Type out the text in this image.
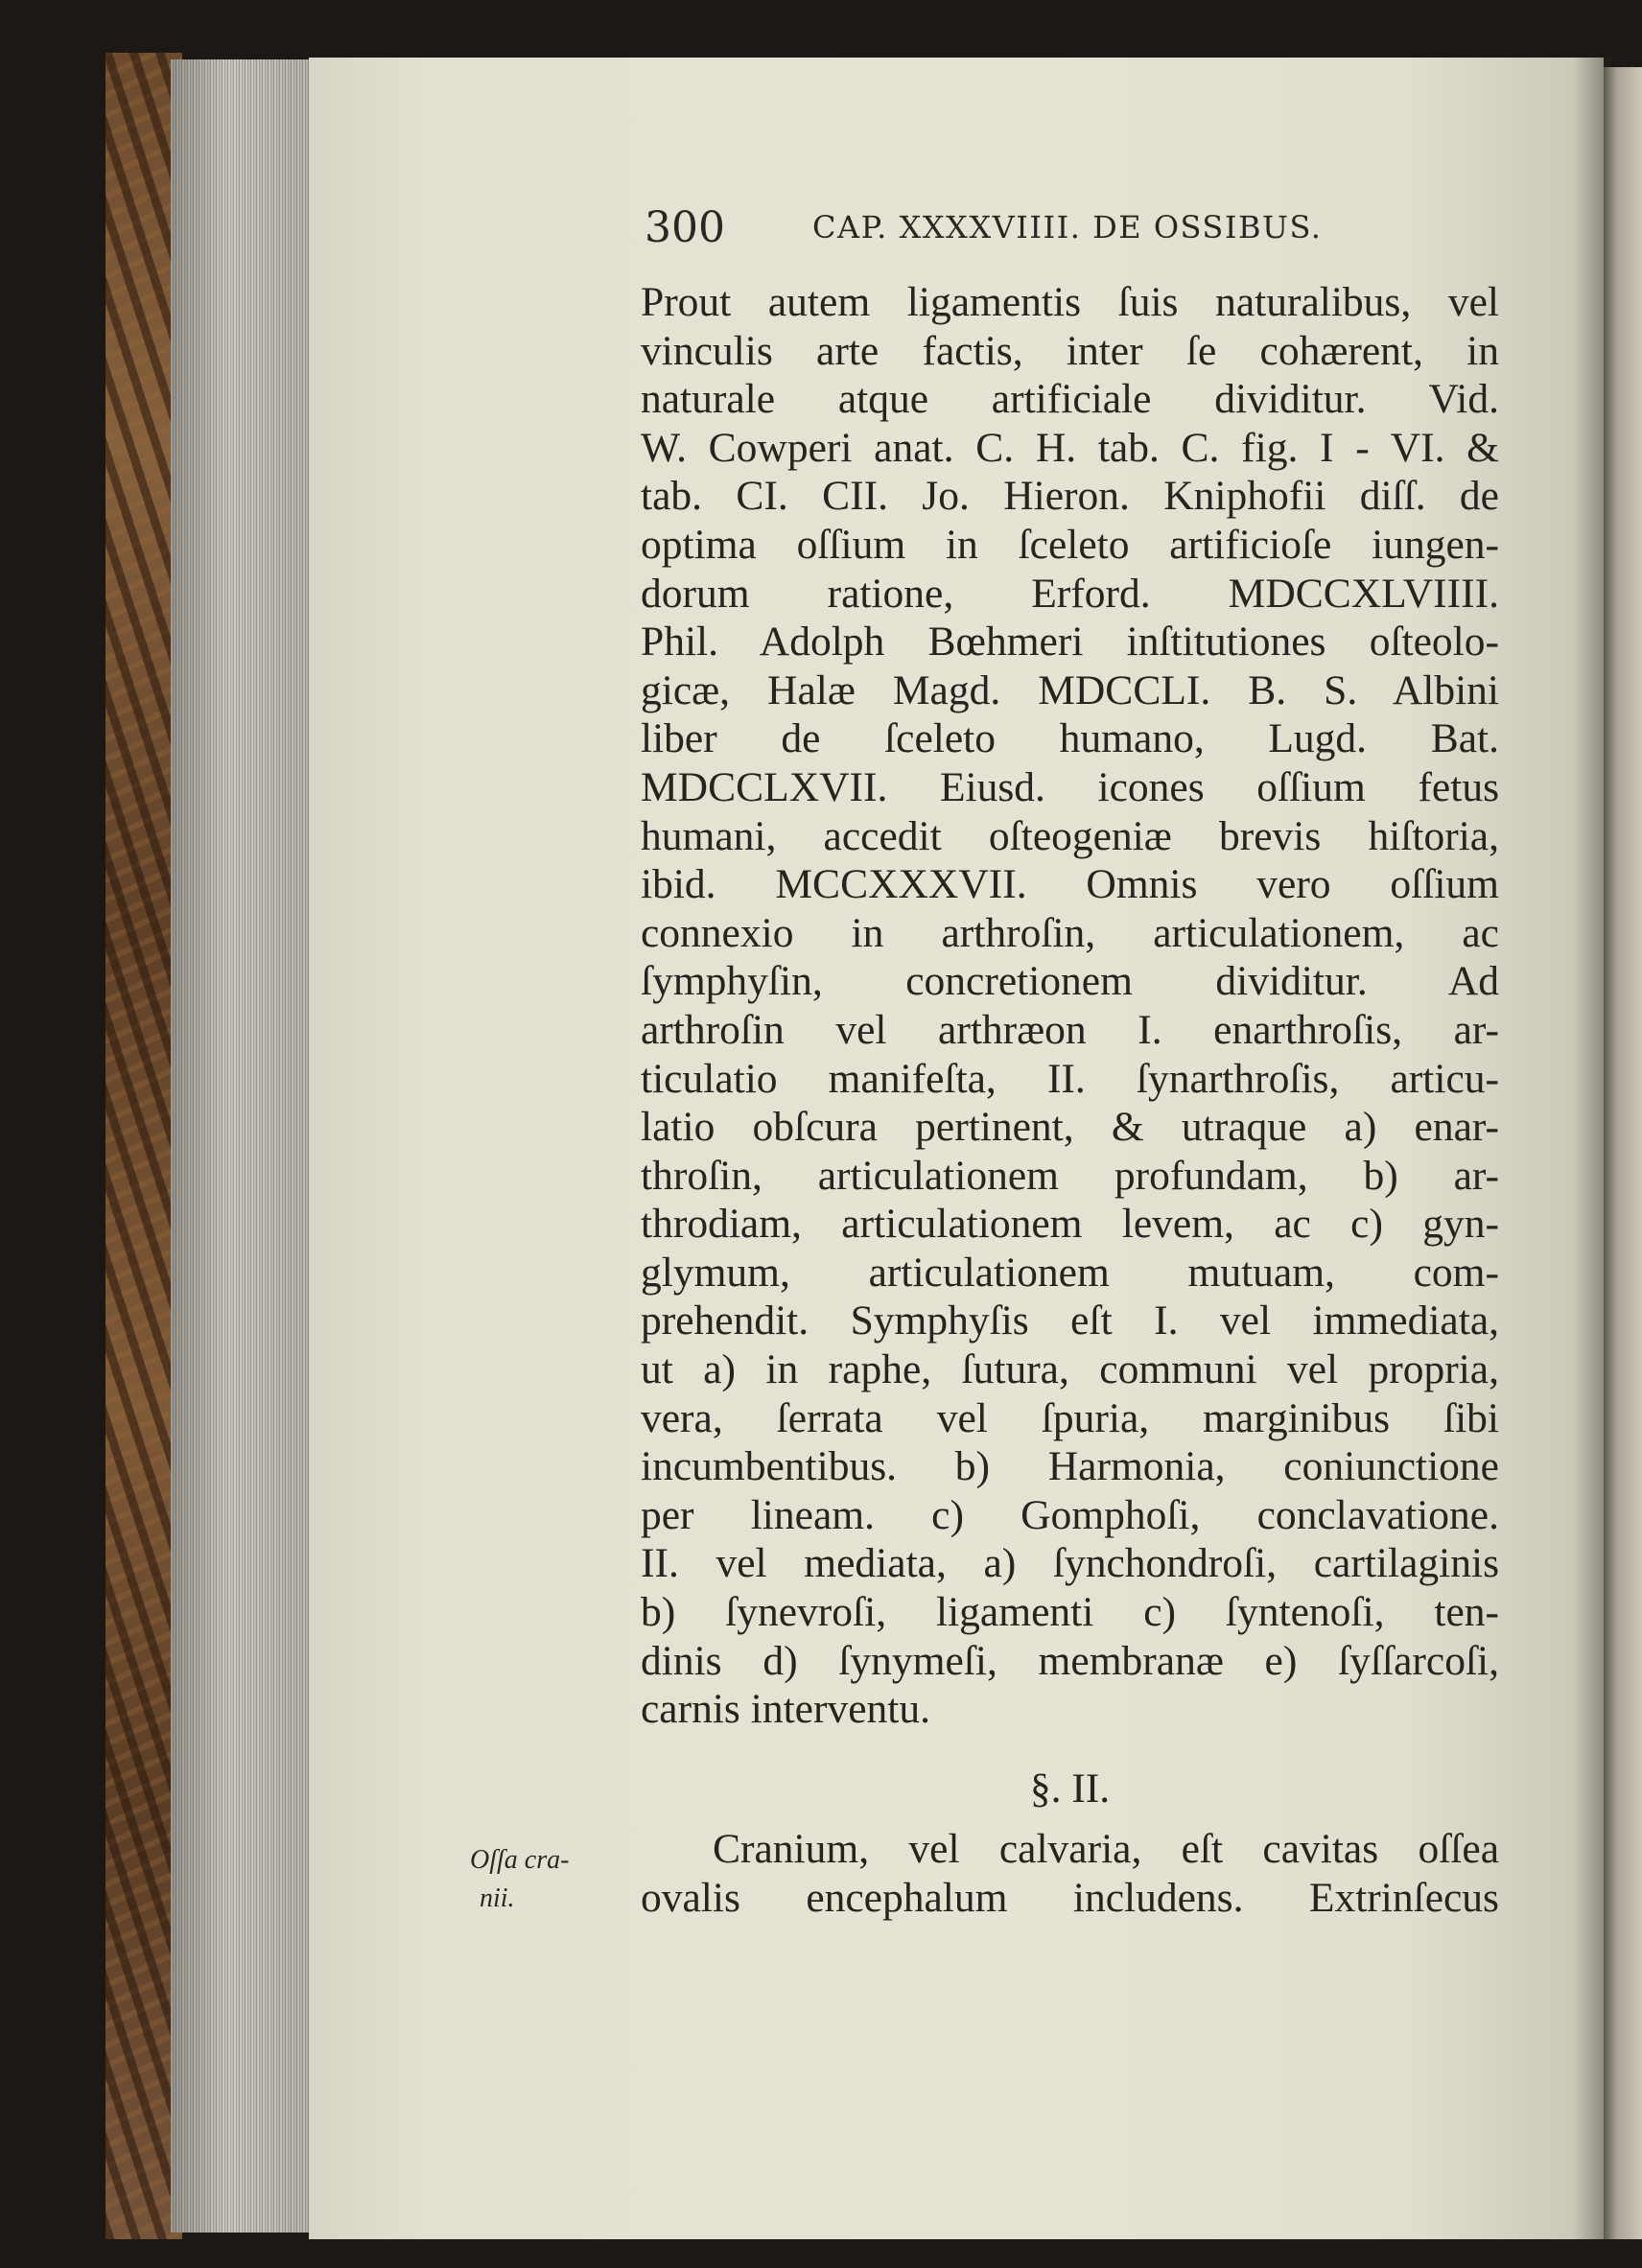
300	CAP. XXXXVIIII. DE OSSIBUS.
Prout autem ligamentis ſuis naturalibus, vel
vinculis arte factis, inter ſe cohærent, in
naturale atque artificiale dividitur. Vid.
W. Cowperi anat. C. H. tab. C. fig. I - VI. &
tab. CI. CII. Jo. Hieron. Kniphofii diſſ. de
optima oſſium in ſceleto artificioſe iungen-
dorum ratione, Erford. MDCCXLVIIII.
Phil. Adolph Bœhmeri inſtitutiones oſteolo-
gicæ, Halæ Magd. MDCCLI. B. S. Albini
liber de ſceleto humano, Lugd. Bat.
MDCCLXVII. Eiusd. icones oſſium fetus
humani, accedit oſteogeniæ brevis hiſtoria,
ibid. MCCXXXVII. Omnis vero oſſium
connexio in arthroſin, articulationem, ac
ſymphyſin, concretionem dividitur. Ad
arthroſin vel arthræon I. enarthroſis, ar-
ticulatio manifeſta, II. ſynarthroſis, articu-
latio obſcura pertinent, & utraque a) enar-
throſin, articulationem profundam, b) ar-
throdiam, articulationem levem, ac c) gyn-
glymum, articulationem mutuam, com-
prehendit. Symphyſis eſt I. vel immediata,
ut a) in raphe, ſutura, communi vel propria,
vera, ſerrata vel ſpuria, marginibus ſibi
incumbentibus. b) Harmonia, coniunctione
per lineam. c) Gomphoſi, conclavatione.
II. vel mediata, a) ſynchondroſi, cartilaginis
b) ſynevroſi, ligamenti c) ſyntenoſi, ten-
dinis d) ſynymeſi, membranæ e) ſyſſarcoſi,
carnis interventu.
§. II.
Cranium, vel calvaria, eſt cavitas oſſea
ovalis encephalum includens. Extrinſecus
Oſſa cra-
nii.
